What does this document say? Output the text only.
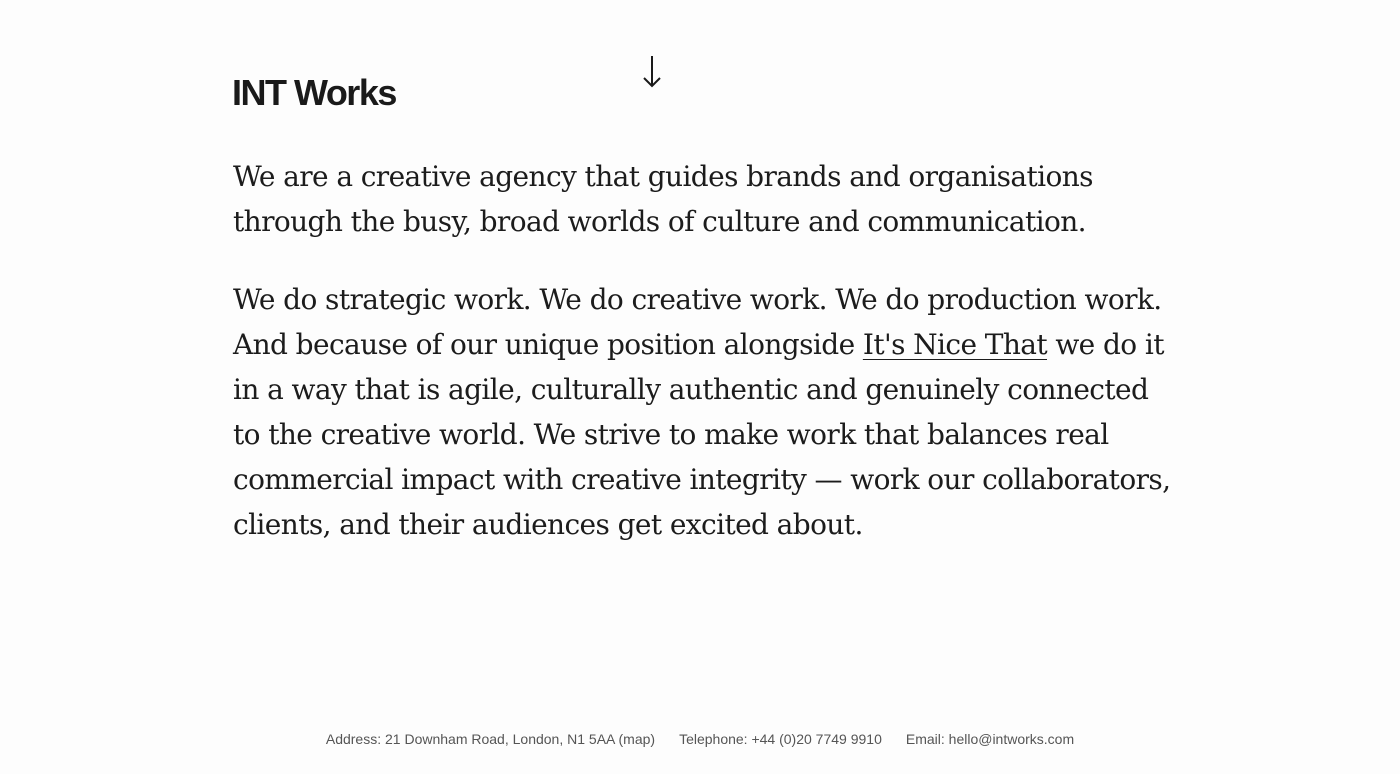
INT Works

We are a creative agency that guides brands and organisations through the busy, broad worlds of culture and communication.

We do strategic work. We do creative work. We do production work. And because of our unique position alongside It's Nice That we do it in a way that is agile, culturally authentic and genuinely connected to the creative world. We strive to make work that balances real commercial impact with creative integrity — work our collaborators, clients, and their audiences get excited about.

Address: 21 Downham Road, London, N1 5AA (map) Telephone: +44 (0)20 7749 9910 Email: hello@intworks.com
